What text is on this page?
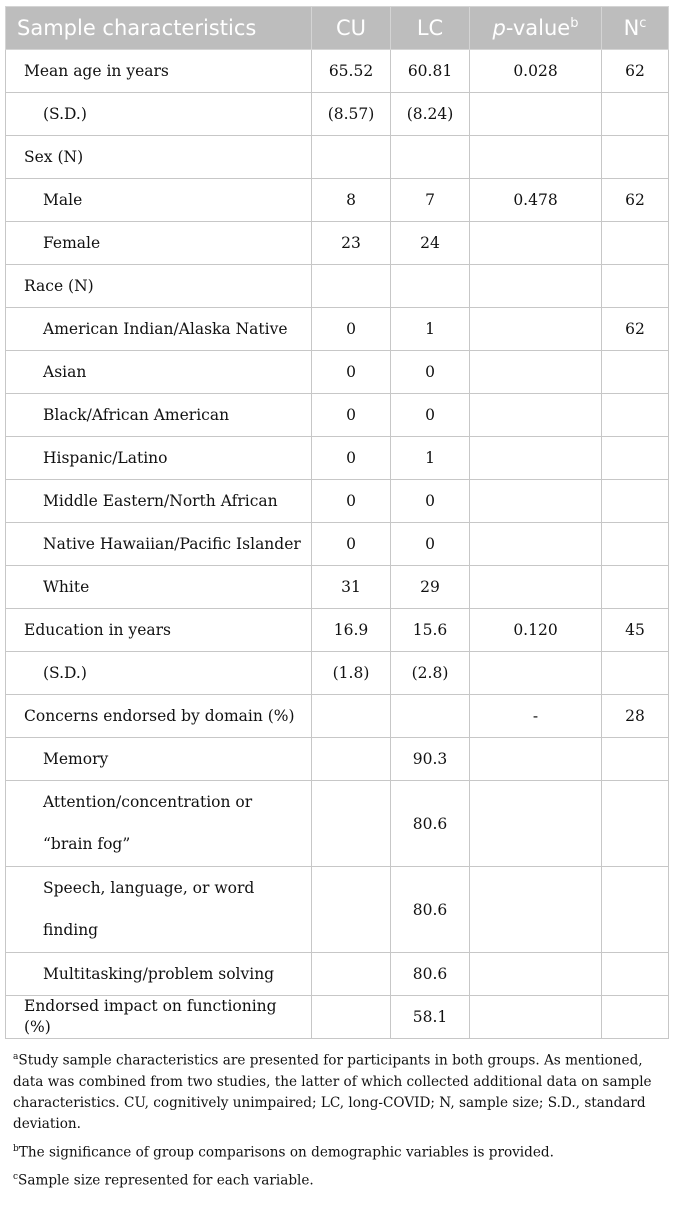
Sample characteristics	CU	LC	p-value$^b$	$N^c$
Mean age in years	65.52	60.81	0.028	62
(S.D.)	(8.57)	(8.24)		
Sex (N)				
Male	8	7	0.478	62
Female	23	24		
Race (N)				
American Indian/Alaska Native	0	1		62
Asian	0	0		
Black/African American	0	0		
Hispanic/Latino	0	1		
Middle Eastern/North African	0	0		
Native Hawaiian/Pacific Islander	0	0		
White	31	29		
Education in years	16.9	15.6	0.120	45
(S.D.)	(1.8)	(2.8)		
Concerns endorsed by domain (%)			-	28
Memory		90.3		
Attention/concentration or “brain fog”		80.6		
Speech, language, or word finding		80.6		
Multitasking/problem solving		80.6		
Endorsed impact on functioning (%)		58.1		

$^a$Study sample characteristics are presented for participants in both groups. As mentioned, data was combined from two studies, the latter of which collected additional data on sample characteristics. CU, cognitively unimpaired; LC, long-COVID; N, sample size; S.D., standard deviation.

$^b$The significance of group comparisons on demographic variables is provided.

$^c$Sample size represented for each variable.
